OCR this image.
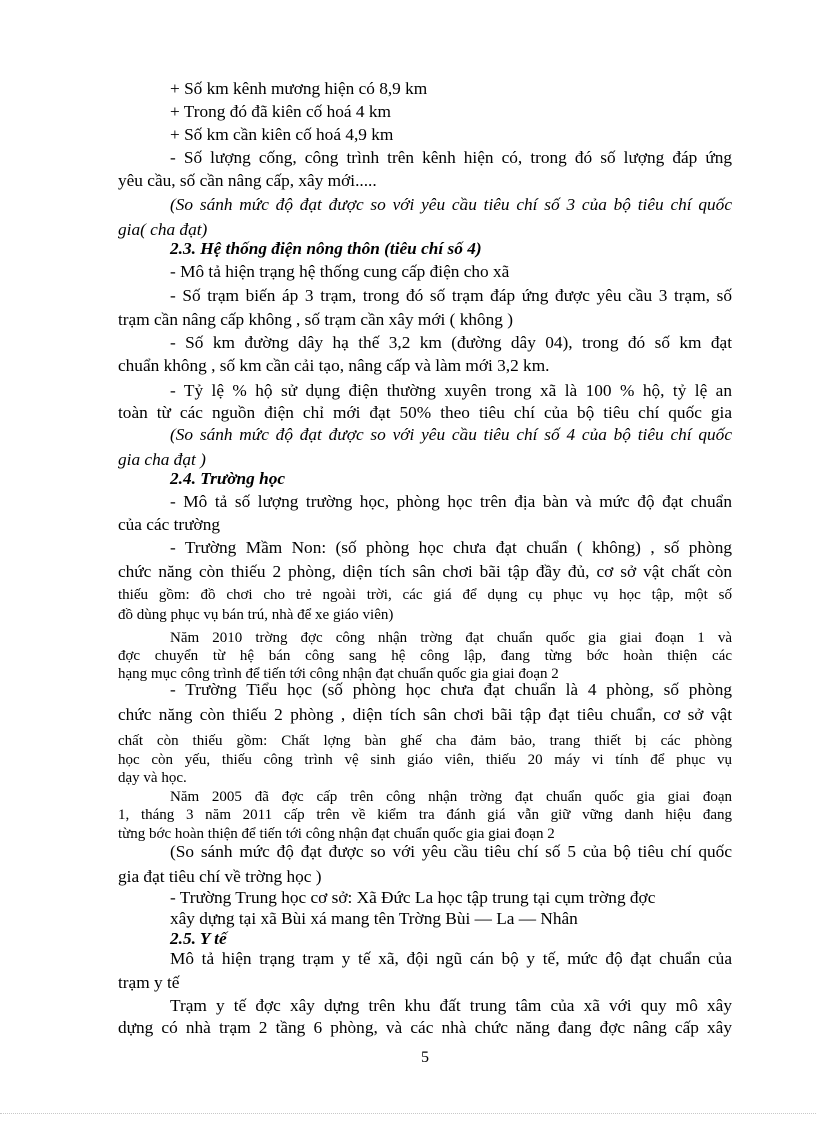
+ Số km kênh mương hiện có 8,9 km
+ Trong đó đã kiên cố hoá 4 km
+ Số km cần kiên cố hoá 4,9 km
- Số lượng cống, công trình trên kênh hiện có, trong đó số lượng đáp ứng
yêu cầu, số cần nâng cấp, xây mới.....
(So sánh mức độ đạt được so với yêu cầu tiêu chí số 3 của bộ tiêu chí quốc
gia( cha đạt)
2.3. Hệ thống điện nông thôn (tiêu chí số 4)
- Mô tả hiện trạng hệ thống cung cấp điện cho xã
- Số trạm biến áp 3 trạm, trong đó số trạm đáp ứng được yêu cầu 3 trạm, số
trạm cần nâng cấp không , số trạm cần xây mới ( không )
- Số km đường dây hạ thế 3,2 km (đường dây 04), trong đó số km đạt
chuẩn không , số km cần cải tạo, nâng cấp và làm mới 3,2 km.
- Tỷ lệ % hộ sử dụng điện thường xuyên trong xã là 100 % hộ, tỷ lệ an
toàn từ các nguồn điện chỉ mới đạt 50% theo tiêu chí của bộ tiêu chí quốc gia
(So sánh mức độ đạt được so với yêu cầu tiêu chí số 4 của bộ tiêu chí quốc
gia cha đạt )
2.4. Trường học
- Mô tả số lượng trường học, phòng học trên địa bàn và mức độ đạt chuẩn
của các trường
- Trường Mầm Non: (số phòng học chưa đạt chuẩn ( không) , số phòng
chức năng còn thiếu 2 phòng, diện tích sân chơi bãi tập đầy đủ, cơ sở vật chất còn
thiếu gồm: đồ chơi cho trẻ ngoài trời, các giá để dụng cụ phục vụ học tập, một số
đồ dùng phục vụ bán trú, nhà để xe giáo viên)
Năm 2010 trờng đợc công nhận trờng đạt chuẩn quốc gia giai đoạn 1 và
đợc chuyển từ hệ bán công sang hệ công lập, đang từng bớc hoàn thiện các
hạng mục công trình để tiến tới công nhận đạt chuẩn quốc gia giai đoạn 2
- Trường Tiểu học (số phòng học chưa đạt chuẩn là 4 phòng, số phòng
chức năng còn thiếu 2 phòng , diện tích sân chơi bãi tập đạt tiêu chuẩn, cơ sở vật
chất còn thiếu gồm: Chất lợng bàn ghế cha đảm bảo, trang thiết bị các phòng
học còn yếu, thiếu công trình vệ sinh giáo viên, thiếu 20 máy vi tính để phục vụ
dạy và học.
Năm 2005 đã đợc cấp trên công nhận trờng đạt chuẩn quốc gia giai đoạn
1, tháng 3 năm 2011 cấp trên về kiểm tra đánh giá vẫn giữ vững danh hiệu đang
từng bớc hoàn thiện để tiến tới công nhận đạt chuẩn quốc gia giai đoạn 2
(So sánh mức độ đạt được so với yêu cầu tiêu chí số 5 của bộ tiêu chí quốc
gia đạt tiêu chí về trờng học )
- Trường Trung học cơ sở: Xã Đức La học tập trung tại cụm trờng đợc
xây dựng tại xã Bùi xá mang tên Trờng Bùi — La — Nhân
2.5. Y tế
Mô tả hiện trạng trạm y tế xã, đội ngũ cán bộ y tế, mức độ đạt chuẩn của
trạm y tế
Trạm y tế đợc xây dựng trên khu đất trung tâm của xã với quy mô xây
dựng có nhà trạm 2 tầng 6 phòng, và các nhà chức năng đang đợc nâng cấp xây
5
